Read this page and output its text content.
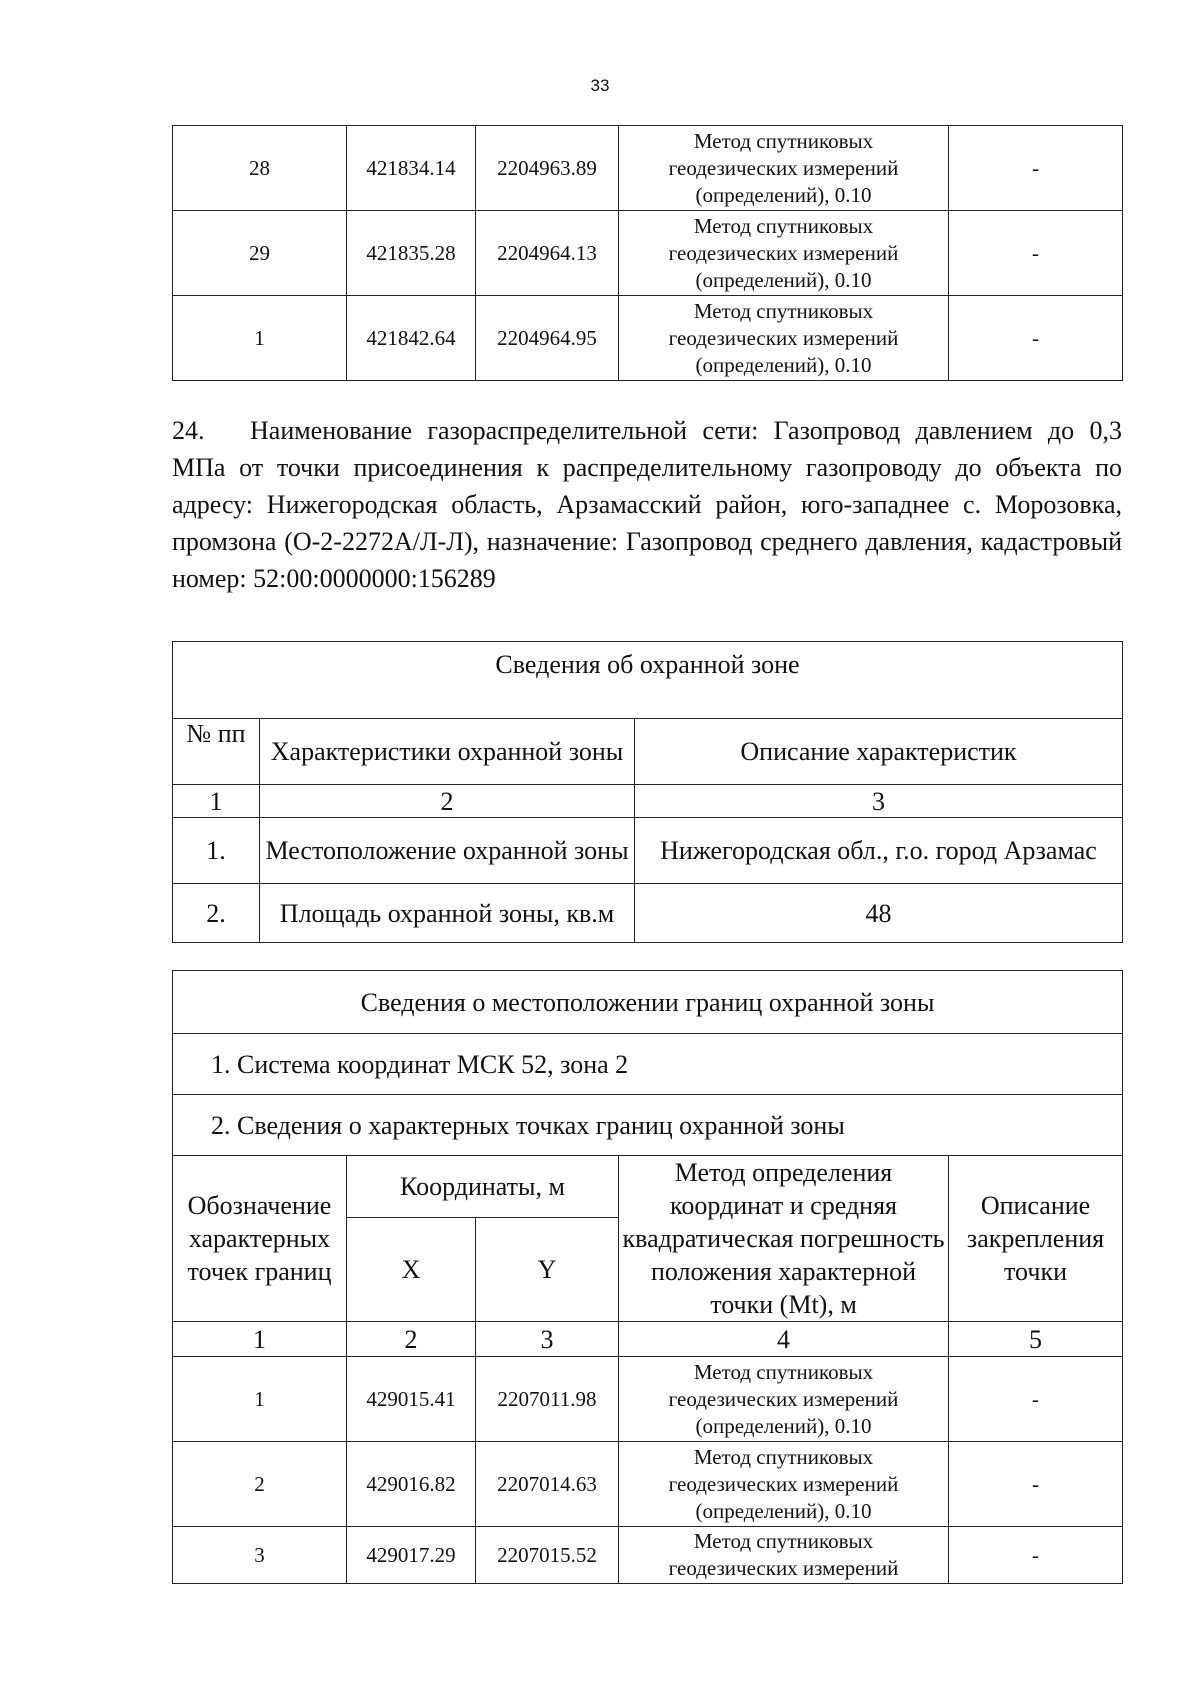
33
28	421834.14	2204963.89	Метод спутниковых
геодезических измерений
(определений), 0.10	-
29	421835.28	2204964.13	Метод спутниковых
геодезических измерений
(определений), 0.10	-
1	421842.64	2204964.95	Метод спутниковых
геодезических измерений
(определений), 0.10	-

24. Наименование газораспределительной сети: Газопровод давлением до 0,3 МПа от точки присоединения к распределительному газопроводу до объекта по адресу: Нижегородская область, Арзамасский район, юго-западнее с. Морозовка, промзона (О-2-2272А/Л-Л), назначение: Газопровод среднего давления, кадастровый номер: 52:00:0000000:156289

Сведения об охранной зоне		
№ пп	Характеристики охранной зоны	Описание характеристик
1	2	3
1.	Местоположение охранной зоны	Нижегородская обл., г.о. город Арзамас
2.	Площадь охранной зоны, кв.м	48
Сведения о местоположении границ охранной зоны				
1. Система координат МСК 52, зона 2				
2. Сведения о характерных точках границ охранной зоны				
Обозначение характерных точек границ	Координаты, м		Метод определения координат и средняя квадратическая погрешность положения характерной точки (Mt), м	Описание закрепления точки
	X	Y		
1	2	3	4	5
1	429015.41	2207011.98	Метод спутниковых
геодезических измерений
(определений), 0.10	-
2	429016.82	2207014.63	Метод спутниковых
геодезических измерений
(определений), 0.10	-
3	429017.29	2207015.52	Метод спутниковых
геодезических измерений	-
